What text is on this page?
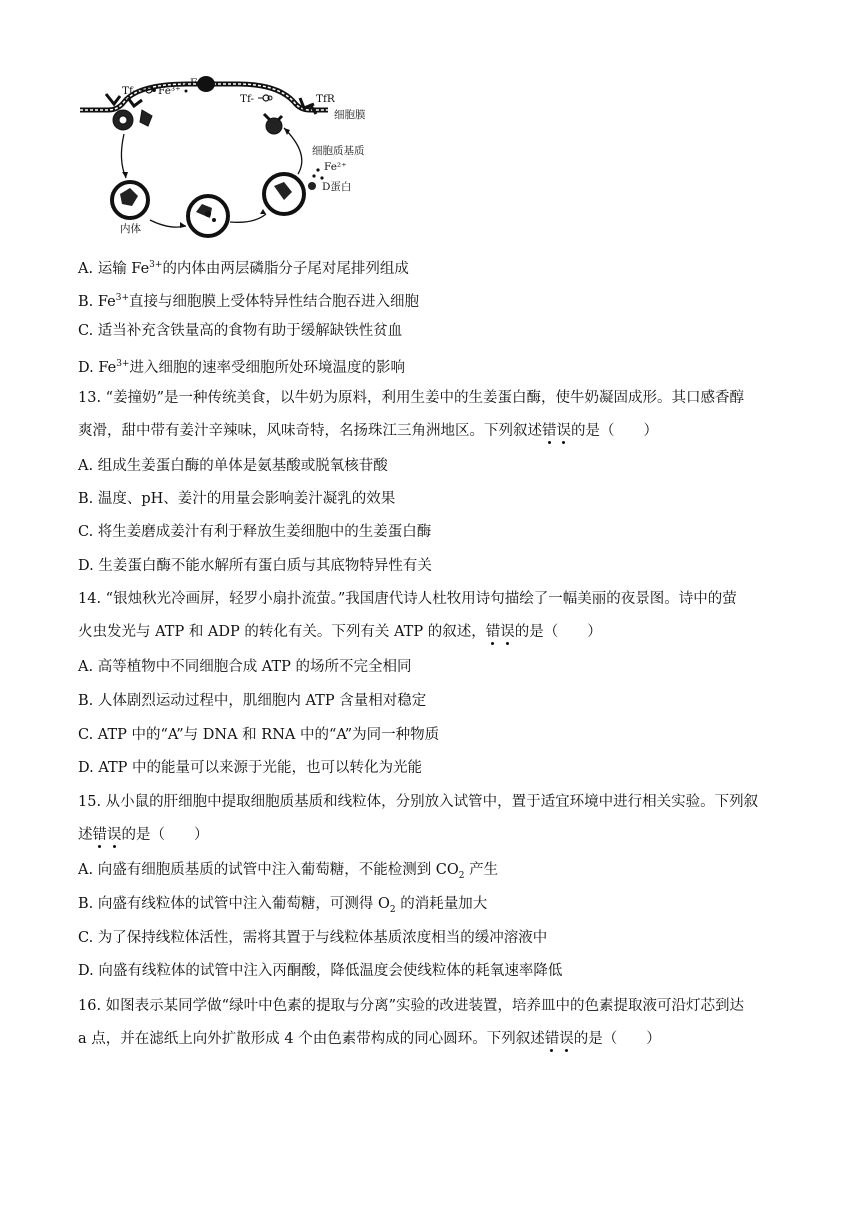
Tf- Fe³⁺
Fe³⁺
Tf-	TfR
细胞膜
细胞质基质
Fe²⁺
D蛋白
内体
A. 运输 $Fe^{3+}$的内体由两层磷脂分子尾对尾排列组成
B. $Fe^{3+}$直接与细胞膜上受体特异性结合胞吞进入细胞
C. 适当补充含铁量高的食物有助于缓解缺铁性贫血
D. $Fe^{3+}$进入细胞的速率受细胞所处环境温度的影响
13. “姜撞奶”是一种传统美食，以牛奶为原料，利用生姜中的生姜蛋白酶，使牛奶凝固成形。其口感香醇
爽滑，甜中带有姜汁辛辣味，风味奇特，名扬珠江三角洲地区。下列叙述错误的是（　　）
A. 组成生姜蛋白酶的单体是氨基酸或脱氧核苷酸
B. 温度、pH、姜汁的用量会影响姜汁凝乳的效果
C. 将生姜磨成姜汁有利于释放生姜细胞中的生姜蛋白酶
D. 生姜蛋白酶不能水解所有蛋白质与其底物特异性有关
14. “银烛秋光冷画屏，轻罗小扇扑流萤。”我国唐代诗人杜牧用诗句描绘了一幅美丽的夜景图。诗中的萤
火虫发光与 ATP 和 ADP 的转化有关。下列有关 ATP 的叙述，错误的是（　　）
A. 高等植物中不同细胞合成 ATP 的场所不完全相同
B. 人体剧烈运动过程中，肌细胞内 ATP 含量相对稳定
C. ATP 中的“A”与 DNA 和 RNA 中的“A”为同一种物质
D. ATP 中的能量可以来源于光能，也可以转化为光能
15. 从小鼠的肝细胞中提取细胞质基质和线粒体，分别放入试管中，置于适宜环境中进行相关实验。下列叙
述错误的是（　　）
A. 向盛有细胞质基质的试管中注入葡萄糖，不能检测到 $CO_2$ 产生
B. 向盛有线粒体的试管中注入葡萄糖，可测得 $O_2$ 的消耗量加大
C. 为了保持线粒体活性，需将其置于与线粒体基质浓度相当的缓冲溶液中
D. 向盛有线粒体的试管中注入丙酮酸，降低温度会使线粒体的耗氧速率降低
16. 如图表示某同学做“绿叶中色素的提取与分离”实验的改进装置，培养皿中的色素提取液可沿灯芯到达
a 点，并在滤纸上向外扩散形成 4 个由色素带构成的同心圆环。下列叙述错误的是（　　）
